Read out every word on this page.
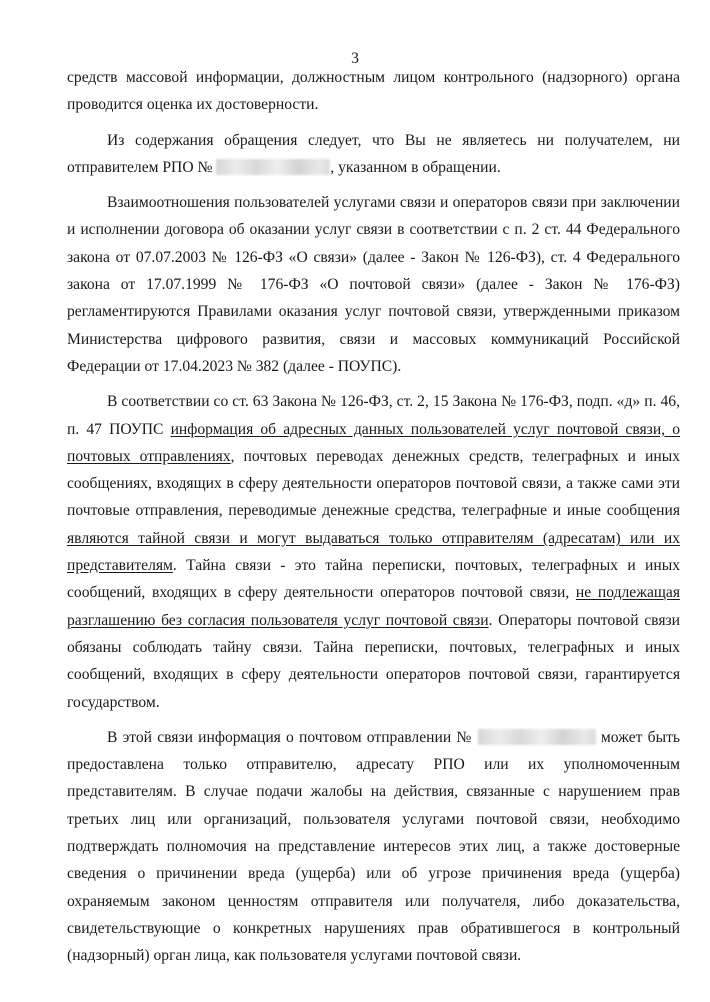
3

средств массовой информации, должностным лицом контрольного (надзорного) органа проводится оценка их достоверности.

Из содержания обращения следует, что Вы не являетесь ни получателем, ни отправителем РПО №	, указанном в обращении.

Взаимоотношения пользователей услугами связи и операторов связи при заключении и исполнении договора об оказании услуг связи в соответствии с п. 2 ст. 44 Федерального закона от 07.07.2003 № 126-ФЗ «О связи» (далее - Закон № 126-ФЗ), ст. 4 Федерального закона от 17.07.1999 № 176-ФЗ «О почтовой связи» (далее - Закон № 176-ФЗ) регламентируются Правилами оказания услуг почтовой связи, утвержденными приказом Министерства цифрового развития, связи и массовых коммуникаций Российской Федерации от 17.04.2023 № 382 (далее - ПОУПС).

В соответствии со ст. 63 Закона № 126-ФЗ, ст. 2, 15 Закона № 176-ФЗ, подп. «д» п. 46, п. 47 ПОУПС информация об адресных данных пользователей услуг почтовой связи, о почтовых отправлениях, почтовых переводах денежных средств, телеграфных и иных сообщениях, входящих в сферу деятельности операторов почтовой связи, а также сами эти почтовые отправления, переводимые денежные средства, телеграфные и иные сообщения являются тайной связи и могут выдаваться только отправителям (адресатам) или их представителям. Тайна связи - это тайна переписки, почтовых, телеграфных и иных сообщений, входящих в сферу деятельности операторов почтовой связи, не подлежащая разглашению без согласия пользователя услуг почтовой связи. Операторы почтовой связи обязаны соблюдать тайну связи. Тайна переписки, почтовых, телеграфных и иных сообщений, входящих в сферу деятельности операторов почтовой связи, гарантируется государством.

В этой связи информация о почтовом отправлении №	может быть предоставлена только отправителю, адресату РПО или их уполномоченным представителям. В случае подачи жалобы на действия, связанные с нарушением прав третьих лиц или организаций, пользователя услугами почтовой связи, необходимо подтверждать полномочия на представление интересов этих лиц, а также достоверные сведения о причинении вреда (ущерба) или об угрозе причинения вреда (ущерба) охраняемым законом ценностям отправителя или получателя, либо доказательства, свидетельствующие о конкретных нарушениях прав обратившегося в контрольный (надзорный) орган лица, как пользователя услугами почтовой связи.
